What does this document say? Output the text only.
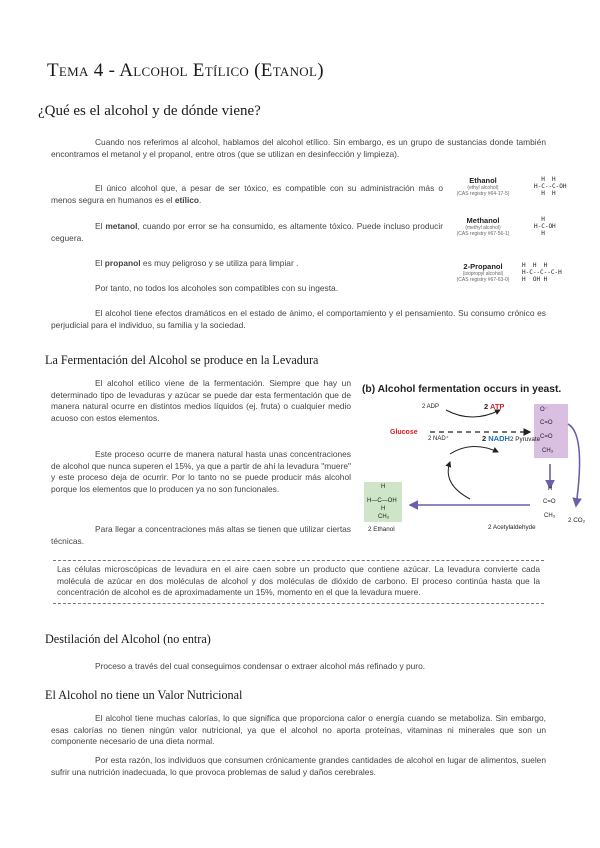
Tema 4 - Alcohol Etílico (Etanol)
¿Qué es el alcohol y de dónde viene?
Cuando nos referimos al alcohol, hablamos del alcohol etílico. Sin embargo, es un grupo de sustancias donde también encontramos el metanol y el propanol, entre otros (que se utilizan en desinfección y limpieza).
El único alcohol que, a pesar de ser tóxico, es compatible con su administración más o menos segura en humanos es el etílico.
El metanol, cuando por error se ha consumido, es altamente tóxico. Puede incluso producir ceguera.
El propanol es muy peligroso y se utiliza para limpiar .
Por tanto, no todos los alcoholes son compatibles con su ingesta.
El alcohol tiene efectos dramáticos en el estado de ánimo, el comportamiento y el pensamiento. Su consumo crónico es perjudicial para el individuo, su familia y la sociedad.
Ethanol
(ethyl alcohol)
(CAS registry #64-17-5)
H  H
H-C--C-OH
H  H
Methanol
(methyl alcohol)
(CAS registry #67-56-1)
H
H-C-OH
H
2-Propanol
(isopropyl alcohol)
(CAS registry #67-63-0)
H  H  H
H-C--C--C-H
H  OH H
La Fermentación del Alcohol se produce en la Levadura
El alcohol etílico viene de la fermentación. Siempre que hay un determinado tipo de levaduras y azúcar se puede dar esta fermentación que de manera natural ocurre en distintos medios líquidos (ej. fruta) o cualquier medio acuoso con estos elementos.
Este proceso ocurre de manera natural hasta unas concentraciones de alcohol que nunca superen el 15%, ya que a partir de ahí la levadura "muere" y este proceso deja de ocurrir. Por lo tanto no se puede producir más alcohol porque los elementos que lo producen ya no son funcionales.
Para llegar a concentraciones más altas se tienen que utilizar ciertas técnicas.
(b) Alcohol fermentation occurs in yeast.
2 ADP	2 ATP
Glucose
2 NAD⁺	2 NADH
O⁻
C=O
C=O
CH₃
2 Pyruvate
H
C=O
CH₃
2 Acetylaldehyde
H
H—C—OH
H
CH₃
2 Ethanol
2 CO₂
Las células microscópicas de levadura en el aire caen sobre un producto que contiene azúcar. La levadura convierte cada molécula de azúcar en dos moléculas de alcohol y dos moléculas de dióxido de carbono. El proceso continúa hasta que la concentración de alcohol es de aproximadamente un 15%, momento en el que la levadura muere.
Destilación del Alcohol (no entra)
Proceso a través del cual conseguimos condensar o extraer alcohol más refinado y puro.
El Alcohol no tiene un Valor Nutricional
El alcohol tiene muchas calorías, lo que significa que proporciona calor o energía cuando se metaboliza. Sin embargo, esas calorías no tienen ningún valor nutricional, ya que el alcohol no aporta proteínas, vitaminas ni minerales que son un componente necesario de una dieta normal.
Por esta razón, los individuos que consumen crónicamente grandes cantidades de alcohol en lugar de alimentos, suelen sufrir una nutrición inadecuada, lo que provoca problemas de salud y daños cerebrales.
